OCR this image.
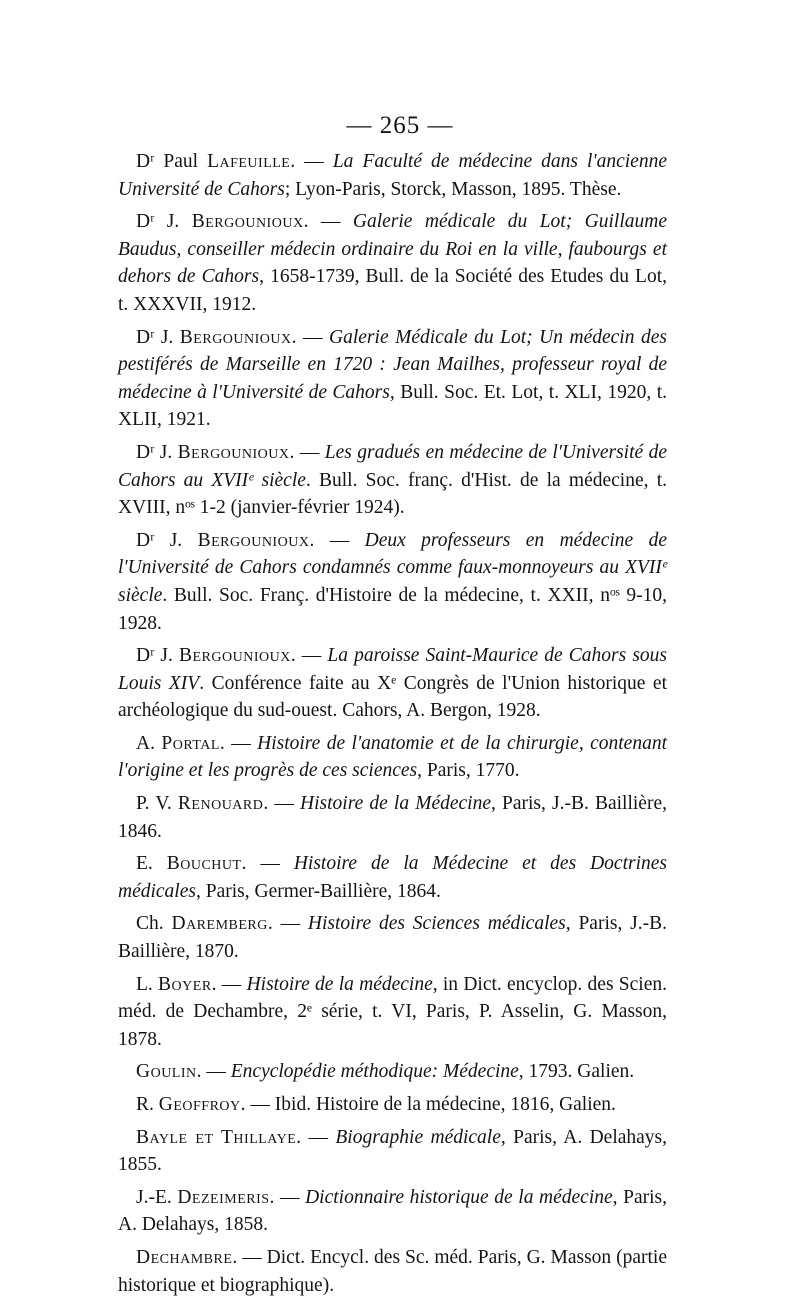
— 265 —

Dʳ Paul Lafeuille. — La Faculté de médecine dans l'ancienne Université de Cahors; Lyon-Paris, Storck, Masson, 1895. Thèse.

Dʳ J. Bergounioux. — Galerie médicale du Lot; Guillaume Baudus, conseiller médecin ordinaire du Roi en la ville, faubourgs et dehors de Cahors, 1658-1739, Bull. de la Société des Etudes du Lot, t. XXXVII, 1912.

Dʳ J. Bergounioux. — Galerie Médicale du Lot; Un médecin des pestiférés de Marseille en 1720 : Jean Mailhes, professeur royal de médecine à l'Université de Cahors, Bull. Soc. Et. Lot, t. XLI, 1920, t. XLII, 1921.

Dʳ J. Bergounioux. — Les gradués en médecine de l'Université de Cahors au XVIIᵉ siècle. Bull. Soc. franç. d'Hist. de la médecine, t. XVIII, nᵒˢ 1-2 (janvier-février 1924).

Dʳ J. Bergounioux. — Deux professeurs en médecine de l'Université de Cahors condamnés comme faux-monnoyeurs au XVIIᵉ siècle. Bull. Soc. Franç. d'Histoire de la médecine, t. XXII, nᵒˢ 9-10, 1928.

Dʳ J. Bergounioux. — La paroisse Saint-Maurice de Cahors sous Louis XIV. Conférence faite au Xᵉ Congrès de l'Union historique et archéologique du sud-ouest. Cahors, A. Bergon, 1928.

A. Portal. — Histoire de l'anatomie et de la chirurgie, contenant l'origine et les progrès de ces sciences, Paris, 1770.

P. V. Renouard. — Histoire de la Médecine, Paris, J.-B. Baillière, 1846.

E. Bouchut. — Histoire de la Médecine et des Doctrines médicales, Paris, Germer-Baillière, 1864.

Ch. Daremberg. — Histoire des Sciences médicales, Paris, J.-B. Baillière, 1870.

L. Boyer. — Histoire de la médecine, in Dict. encyclop. des Scien. méd. de Dechambre, 2ᵉ série, t. VI, Paris, P. Asselin, G. Masson, 1878.

Goulin. — Encyclopédie méthodique: Médecine, 1793. Galien.

R. Geoffroy. — Ibid. Histoire de la médecine, 1816, Galien.

Bayle et Thillaye. — Biographie médicale, Paris, A. Delahays, 1855.

J.-E. Dezeimeris. — Dictionnaire historique de la médecine, Paris, A. Delahays, 1858.

Dechambre. — Dict. Encycl. des Sc. méd. Paris, G. Masson (partie historique et biographique).
